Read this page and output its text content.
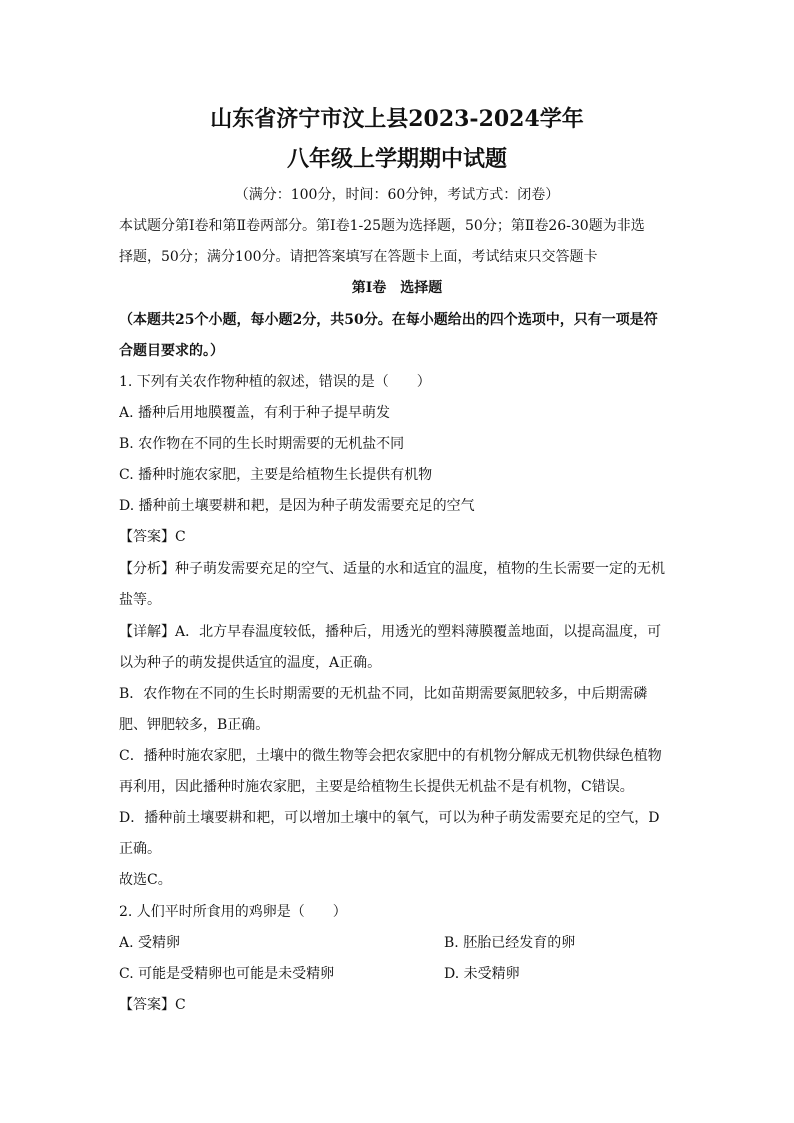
山东省济宁市汶上县2023-2024学年
八年级上学期期中试题
（满分：100分，时间：60分钟，考试方式：闭卷）
本试题分第Ⅰ卷和第Ⅱ卷两部分。第Ⅰ卷1-25题为选择题，50分；第Ⅱ卷26-30题为非选
择题，50分；满分100分。请把答案填写在答题卡上面，考试结束只交答题卡
第Ⅰ卷 选择题
（本题共25个小题，每小题2分，共50分。在每小题给出的四个选项中，只有一项是符
合题目要求的。）
1. 下列有关农作物种植的叙述，错误的是（　　）
A. 播种后用地膜覆盖，有利于种子提早萌发
B. 农作物在不同的生长时期需要的无机盐不同
C. 播种时施农家肥，主要是给植物生长提供有机物
D. 播种前土壤要耕和耙，是因为种子萌发需要充足的空气
【答案】C
【分析】种子萌发需要充足的空气、适量的水和适宜的温度，植物的生长需要一定的无机
盐等。
【详解】A．北方早春温度较低，播种后，用透光的塑料薄膜覆盖地面，以提高温度，可
以为种子的萌发提供适宜的温度，A正确。
B．农作物在不同的生长时期需要的无机盐不同，比如苗期需要氮肥较多，中后期需磷
肥、钾肥较多，B正确。
C．播种时施农家肥，土壤中的微生物等会把农家肥中的有机物分解成无机物供绿色植物
再利用，因此播种时施农家肥，主要是给植物生长提供无机盐不是有机物，C错误。
D．播种前土壤要耕和耙，可以增加土壤中的氧气，可以为种子萌发需要充足的空气，D
正确。
故选C。
2. 人们平时所食用的鸡卵是（　　）
A. 受精卵	B. 胚胎已经发育的卵
C. 可能是受精卵也可能是未受精卵	D. 未受精卵
【答案】C
